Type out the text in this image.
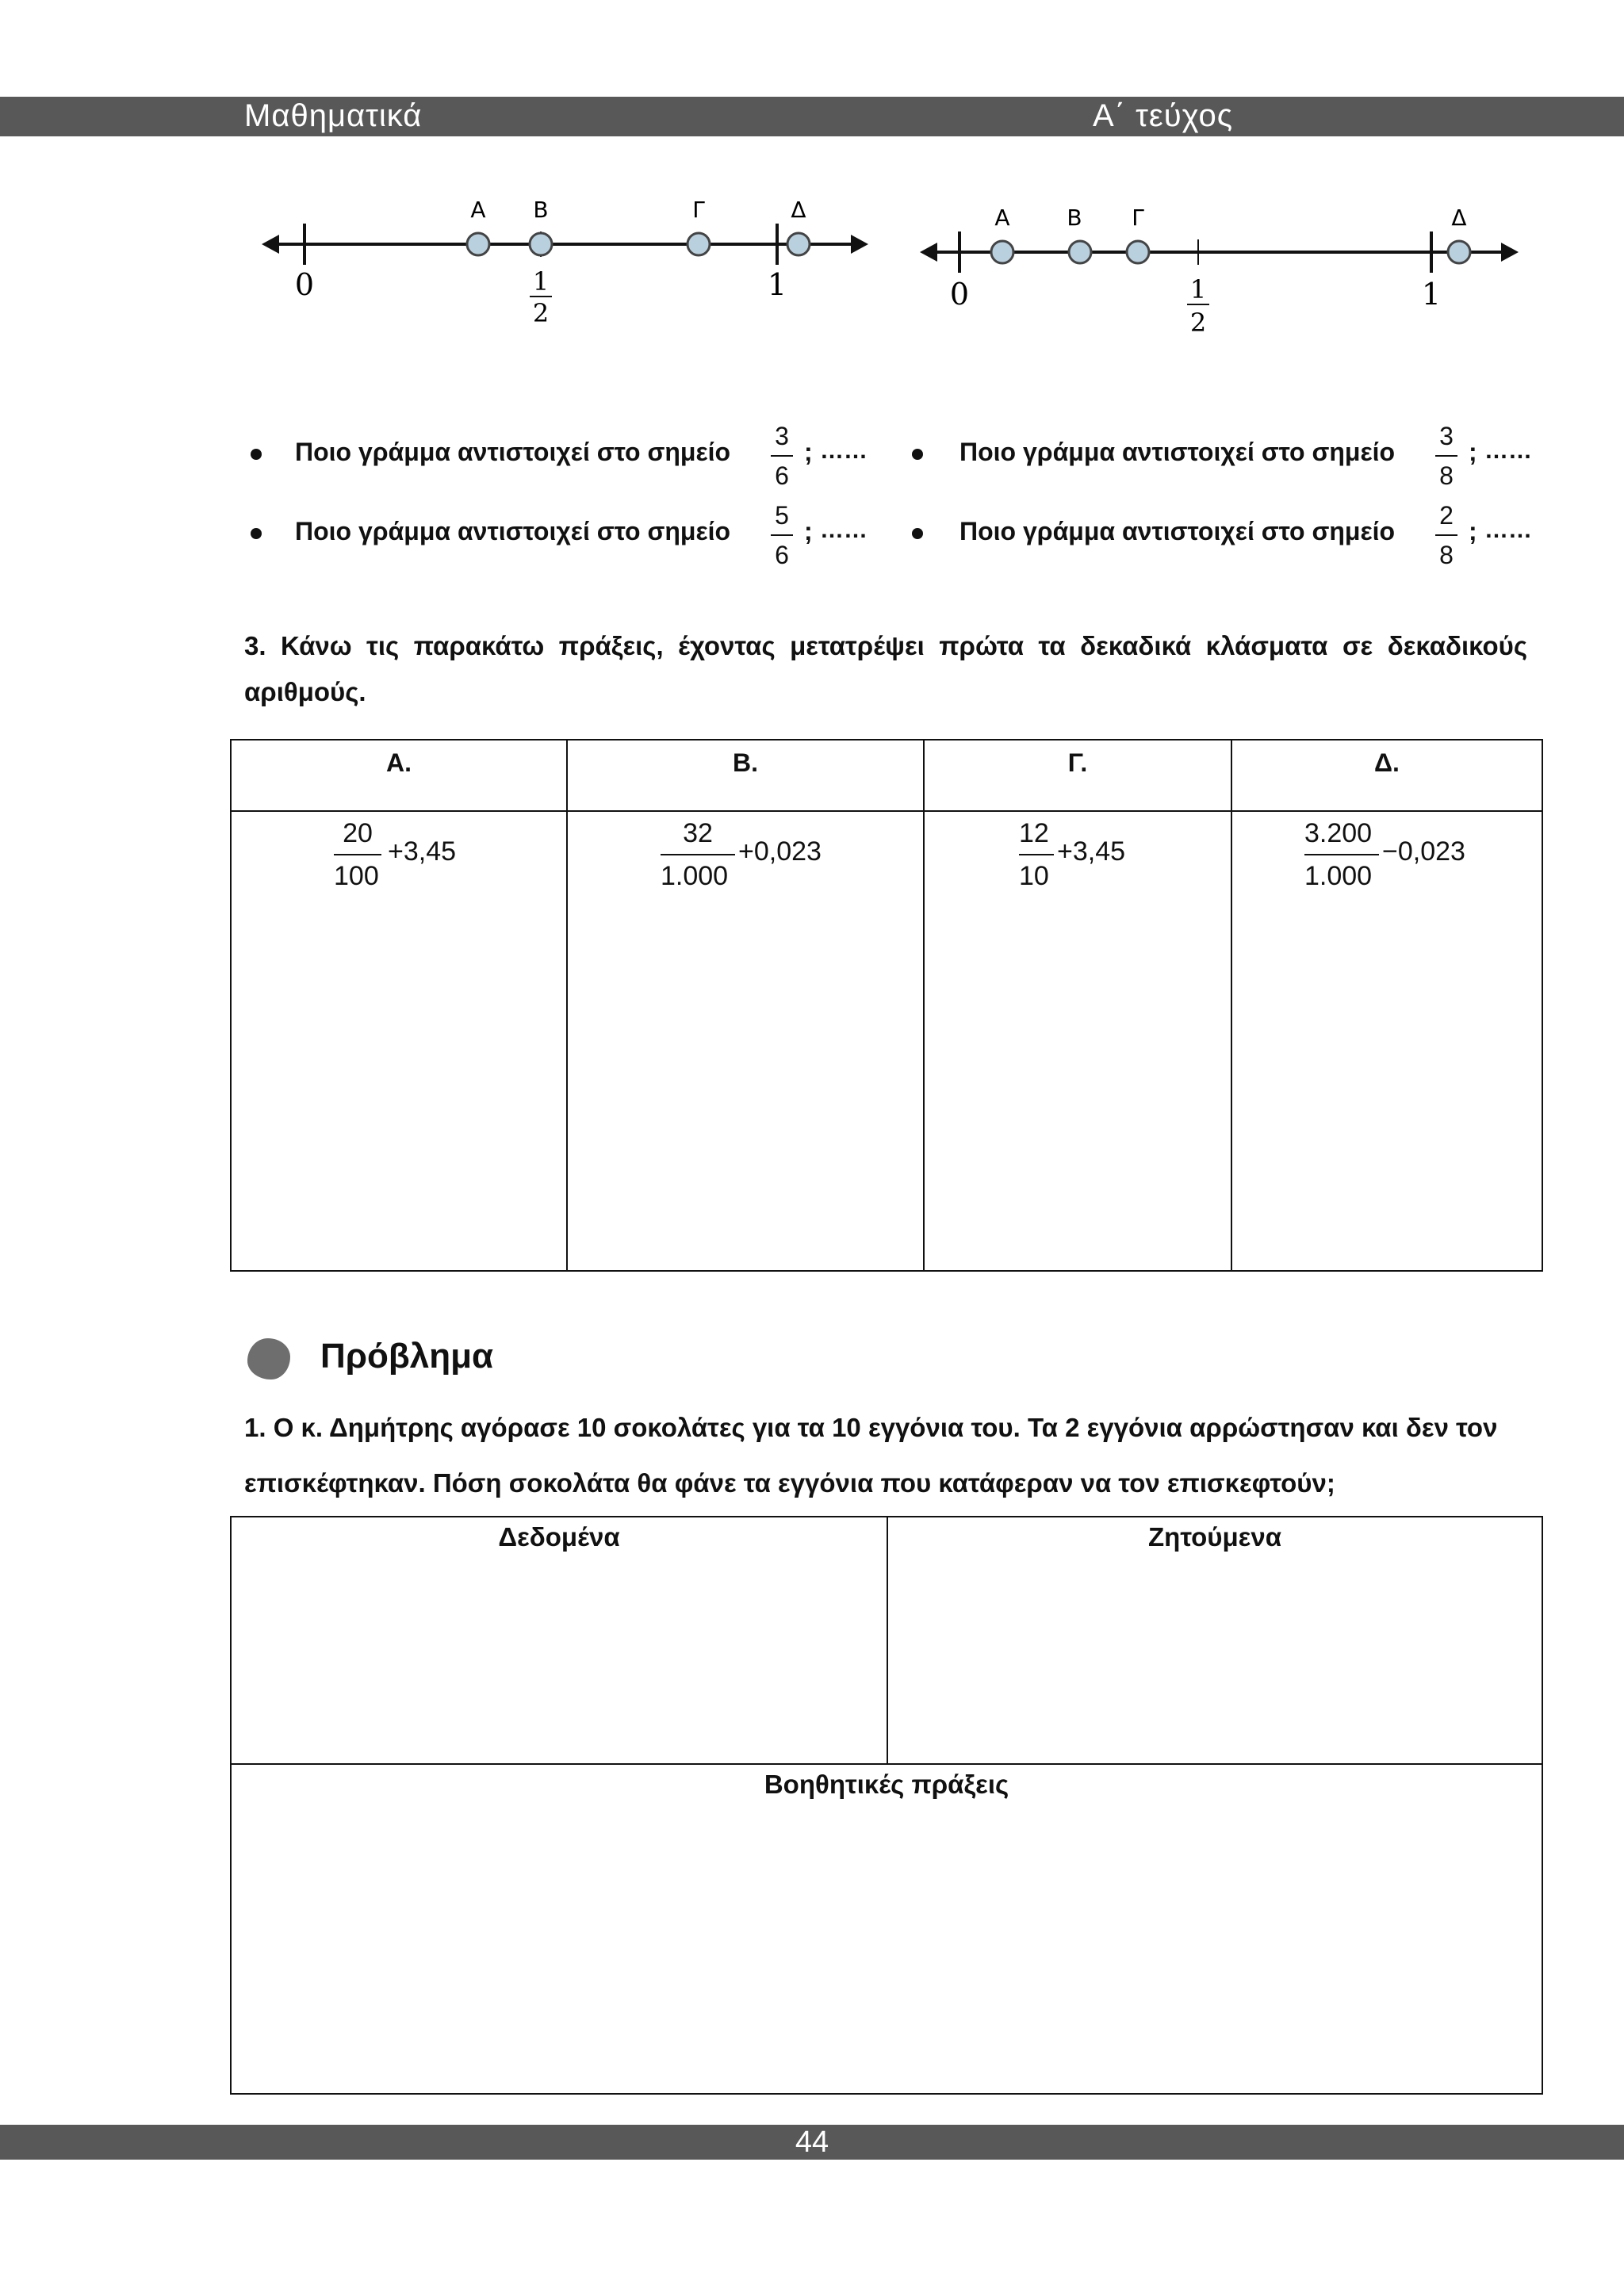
Μαθηματικά	Α΄ τεύχος
Α Β	Γ	Δ
0	1
1
2
Α	Β Γ	Δ
0	1
1
2
Ποιο γράμμα αντιστοιχεί στο σημείο
3
6
; ……	Ποιο γράμμα αντιστοιχεί στο σημείο
3
8
; ……
Ποιο γράμμα αντιστοιχεί στο σημείο
5
6
; ……	Ποιο γράμμα αντιστοιχεί στο σημείο
2
8
; ……
3. Κάνω τις παρακάτω πράξεις, έχοντας μετατρέψει πρώτα τα δεκαδικά κλάσματα σε δεκαδικούς αριθμούς.
Α.	Β.	Γ.	Δ.

20
100
+3,45	32
1.000
+0,023	12
10
+3,45	3.200
1.000
−0,023
Πρόβλημα
1. Ο κ. Δημήτρης αγόρασε 10 σοκολάτες για τα 10 εγγόνια του. Τα 2 εγγόνια αρρώστησαν και δεν τον
επισκέφτηκαν. Πόση σοκολάτα θα φάνε τα εγγόνια που κατάφεραν να τον επισκεφτούν;
Δεδομένα	Ζητούμενα
Βοηθητικές πράξεις
44
